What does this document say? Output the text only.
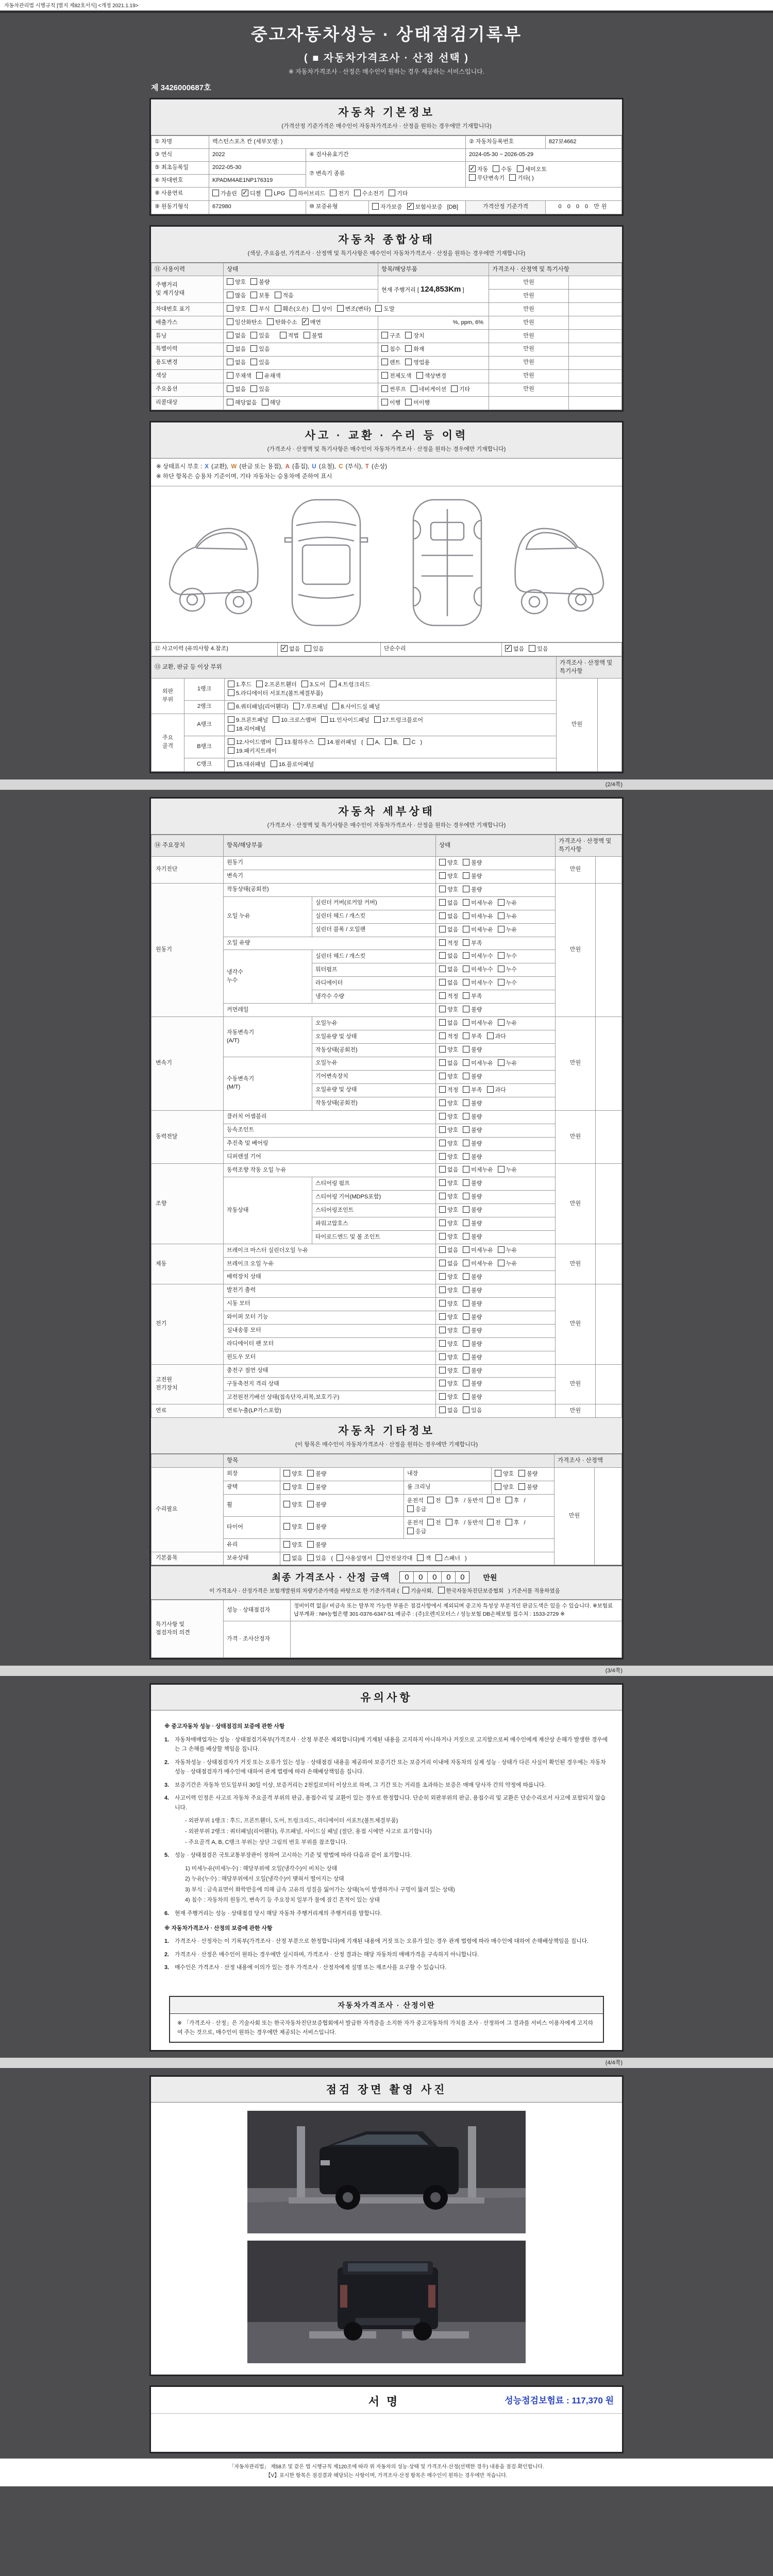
자동차관리법 시행규칙 [별지 제82호서식] <개정 2021.1.19>
중고자동차성능 · 상태점검기록부
( ■ 자동차가격조사 · 산정 선택 )
※ 자동차가격조사 · 산정은 매수인이 원하는 경우 제공하는 서비스입니다.
제 3426000687호
자동차 기본정보
(가격산정 기준가격은 매수인이 자동차가격조사 · 산정을 원하는 경우에만 기재합니다)
① 차명	렉스턴스포츠 칸 (세부모델: )			② 자동차등록번호	827보4662
③ 연식	2022	④ 검사유효기간		2024-05-30 ~ 2026-05-29	
⑤ 최초등록일	2022-05-30	⑦ 변속기 종류	✓자동 수동 세미오토
무단변속기 기타( )
⑥ 차대번호	KPADM4AE1NP176319				
⑧ 사용연료	가솔린 ✓ 디젤 LPG 하이브리드 전기 수소전기 기타
⑨ 원동기형식	672980	⑩ 보증유형	자가보증 ✓ 보험사보증 [DB]	가격산정 기준가격	0 0 0 0 만원
자동차 종합상태
(색상, 주요옵션, 가격조사 · 산정액 및 특기사항은 매수인이 자동차가격조사 · 산정을 원하는 경우에만 기재합니다)
⑪ 사용이력	상태	항목/해당부품	가격조사 · 산정액 및 특기사항	
주행거리
및 계기상태	양호 불량	현재 주행거리 [ 124,853Km ]	만원	
	많음 보통 적음		만원	
차대번호 표기	양호 부식 훼손(오손) 상이 변조(변타) 도말		만원	
배출가스	일산화탄소 탄화수소 ✓ 매연	%, ppm, 6%	만원	
튜닝	없음 있음 적법 불법	구조 장치	만원	
특별이력	없음 있음	침수 화재	만원	
용도변경	없음 있음	렌트 영업용	만원	
색상	무채색 유채색	전체도색 색상변경	만원	
주요옵션	없음 있음	썬루프 네비게이션 기타	만원	
리콜대상	해당없음 해당	이행 미이행		
사고 · 교환 · 수리 등 이력
(가격조사 · 산정액 및 특기사항은 매수인이 자동차가격조사 · 산정을 원하는 경우에만 기재합니다)
※ 상태표시 부호 : X (교환), W (판금 또는 용접), A (흠집), U (요철), C (부식), T (손상)
※ 하단 항목은 승용차 기준이며, 기타 자동차는 승용차에 준하여 표시
⑫ 사고이력 (유의사항 4.참조)	✓없음 있음	단순수리	✓없음 있음
⑬ 교환, 판금 등 이상 부위			가격조사 · 산정액 및 특기사항	
외판
부위	1랭크	1.후드 2.프론트휀더 3.도어 4.트렁크리드
5.라디에이터 서포트(볼트체결부품)	만원	
	2랭크	6.쿼터패널(리어휀다) 7.루프패널 8.사이드실 패널		
주요
골격	A랭크	9.프론트패널 10.크로스멤버 11.인사이드패널 17.트렁크플로어
18.리어패널		
	B랭크	12.사이드멤버 13.휠하우스 14.필러패널 ( A, B, C )
19.패키지트레이		
	C랭크	15.대쉬패널 16.플로어패널		
(2/4쪽)
자동차 세부상태
(가격조사 · 산정액 및 특기사항은 매수인이 자동차가격조사 · 산정을 원하는 경우에만 기재합니다)
⑭ 주요장치	항목/해당부품		상태	가격조사 · 산정액 및 특기사항	
자기진단	원동기		양호 불량	만원	
	변속기		양호 불량		
원동기	작동상태(공회전)		양호 불량	만원	
	오일 누유	실린더 커버(로커암 커버)	없음 미세누유 누유		
		실린더 헤드 / 개스킷	없음 미세누유 누유		
		실린더 블록 / 오일팬	없음 미세누유 누유		
	오일 유량		적정 부족		
	냉각수
누수	실린더 헤드 / 개스킷	없음 미세누수 누수		
		워터펌프	없음 미세누수 누수		
		라디에이터	없음 미세누수 누수		
		냉각수 수량	적정 부족		
	커먼레일		양호 불량		
변속기	자동변속기
(A/T)	오일누유	없음 미세누유 누유	만원	
		오일유량 및 상태	적정 부족 과다		
		작동상태(공회전)	양호 불량		
	수동변속기
(M/T)	오일누유	없음 미세누유 누유		
		기어변속장치	양호 불량		
		오일유량 및 상태	적정 부족 과다		
		작동상태(공회전)	양호 불량		
동력전달	클러치 어셈블리		양호 불량	만원	
	등속조인트		양호 불량		
	추진축 및 베어링		양호 불량		
	디퍼렌셜 기어		양호 불량		
조향	동력조향 작동 오일 누유		없음 미세누유 누유	만원	
	작동상태	스티어링 펌프	양호 불량		
		스티어링 기어(MDPS포함)	양호 불량		
		스티어링조인트	양호 불량		
		파워고압호스	양호 불량		
		타이로드엔드 및 볼 조인트	양호 불량		
제동	브레이크 마스터 실린더오일 누유		없음 미세누유 누유	만원	
	브레이크 오일 누유		없음 미세누유 누유		
	배력장치 상태		양호 불량		
전기	발전기 출력		양호 불량	만원	
	시동 모터		양호 불량		
	와이퍼 모터 기능		양호 불량		
	실내송풍 모터		양호 불량		
	라디에이터 팬 모터		양호 불량		
	윈도우 모터		양호 불량		
고전원
전기장치	충전구 절연 상태		양호 불량	만원	
	구동축전지 격리 상태		양호 불량		
	고전원전기배선 상태(접속단자,피복,보호기구)		양호 불량		
연료	연료누출(LP가스포함)		없음 있음	만원	
자동차 기타정보
(이 항목은 매수인이 자동차가격조사 · 산정을 원하는 경우에만 기재합니다)
	항목				가격조사 · 산정액	
수리필요	외장	양호 불량	내장	양호 불량	만원	
	광택	양호 불량	룸 크리닝	양호 불량		
	휠	양호 불량	운전석 전 후 / 동반석 전 후 /응급			
	타이어	양호 불량	운전석 전 후 / 동반석 전 후 /응급			
	유리	양호 불량				
기본품목	보유상태	없음 있음 ( 사용설명서 안전삼각대 잭 스패너 )				
최종 가격조사 · 산정 금액	0	0	0	0	0	만원
이 가격조사 · 산정가격은 보험개발원의 차량기준가액을 바탕으로 한 기준가격과 ( 기술사회, 한국자동차진단보증협회 ) 기준서를 적용하였음
특기사항 및
점검자의 의견	성능 · 상태점검자	정비이력 없음/ 비금속 또는 탈부착 가능한 부품은 점검사항에서 제외되며 중고차 특성상 부분적인 판금도색은 있을 수 있습니다. ※보험료 납부계좌 : NH농협은행 301-0376-6347-51 예금주 : (주)오렌지모터스 / 성능보험 DB손해보험 접수처 : 1533-2729 ※
	가격 · 조사산정자	
(3/4쪽)
유의사항
※ 중고자동차 성능 · 상태점검의 보증에 관한 사항
1.	자동차매매업자는 성능 · 상태점검기록부(가격조사 · 산정 부분은 제외합니다)에 기재된 내용을 고지하지 아니하거나 거짓으로 고지함으로써 매수인에게 재산상 손해가 발생한 경우에는 그 손해를 배상할 책임을 집니다.
2.	자동차성능 · 상태점검자가 거짓 또는 오류가 있는 성능 · 상태점검 내용을 제공하여 보증기간 또는 보증거리 이내에 자동차의 실제 성능 · 상태가 다른 사실이 확인된 경우에는 자동차성능 · 상태점검자가 매수인에 대하여 관계 법령에 따라 손해배상책임을 집니다.
3.	보증기간은 자동차 인도일부터 30일 이상, 보증거리는 2천킬로미터 이상으로 하며, 그 기간 또는 거리를 초과하는 보증은 매매 당사자 간의 약정에 따릅니다.
4.	사고이력 인정은 사고로 자동차 주요골격 부위의 판금, 용접수리 및 교환이 있는 경우로 한정합니다. 단순히 외판부위의 판금, 용접수리 및 교환은 단순수리로서 사고에 포함되지 않습니다.
- 외판부위 1랭크 : 후드, 프론트휀더, 도어, 트렁크리드, 라디에이터 서포트(볼트체결부품)
- 외판부위 2랭크 : 쿼터패널(리어휀다), 루프패널, 사이드실 패널 (절단, 용접 시에만 사고로 표기합니다)
- 주요골격 A, B, C랭크 부위는 상단 그림의 번호 부위를 참조합니다.
5.	성능 · 상태점검은 국토교통부장관이 정하여 고시하는 기준 및 방법에 따라 다음과 같이 표기합니다.
1) 미세누유(미세누수) : 해당부위에 오일(냉각수)이 비치는 상태
2) 누유(누수) : 해당부위에서 오일(냉각수)이 맺혀서 떨어지는 상태
3) 부식 : 금속표면이 화학반응에 의해 금속 고유의 성질을 잃어가는 상태(녹이 발생하거나 구멍이 뚫려 있는 상태)
4) 침수 : 자동차의 원동기, 변속기 등 주요장치 일부가 물에 잠긴 흔적이 있는 상태
6.	현재 주행거리는 성능 · 상태점검 당시 해당 자동차 주행거리계의 주행거리를 말합니다.
※ 자동차가격조사 · 산정의 보증에 관한 사항
1.	가격조사 · 산정자는 이 기록부(가격조사 · 산정 부분으로 한정합니다)에 기재된 내용에 거짓 또는 오류가 있는 경우 관계 법령에 따라 매수인에 대하여 손해배상책임을 집니다.
2.	가격조사 · 산정은 매수인이 원하는 경우에만 실시하며, 가격조사 · 산정 결과는 해당 자동차의 매매가격을 구속하지 아니합니다.
3.	매수인은 가격조사 · 산정 내용에 이의가 있는 경우 가격조사 · 산정자에게 설명 또는 재조사를 요구할 수 있습니다.
자동차가격조사 · 산정이란
※ 「가격조사 · 산정」은 기술사회 또는 한국자동차진단보증협회에서 발급한 자격증을 소지한 자가 중고자동차의 가치를 조사 · 산정하여 그 결과를 서비스 이용자에게 고지하여 주는 것으로, 매수인이 원하는 경우에만 제공되는 서비스입니다.
(4/4쪽)
점검 장면 촬영 사진
서명	성능점검보험료 : 117,370 원
「자동차관리법」 제58조 및 같은 법 시행규칙 제120조에 따라 위 자동차의 성능·상태 및 가격조사·산정(선택한 경우) 내용을 점검·확인합니다.
【V】표시한 항목은 점검결과 해당되는 사항이며, 가격조사·산정 항목은 매수인이 원하는 경우에만 적습니다.
